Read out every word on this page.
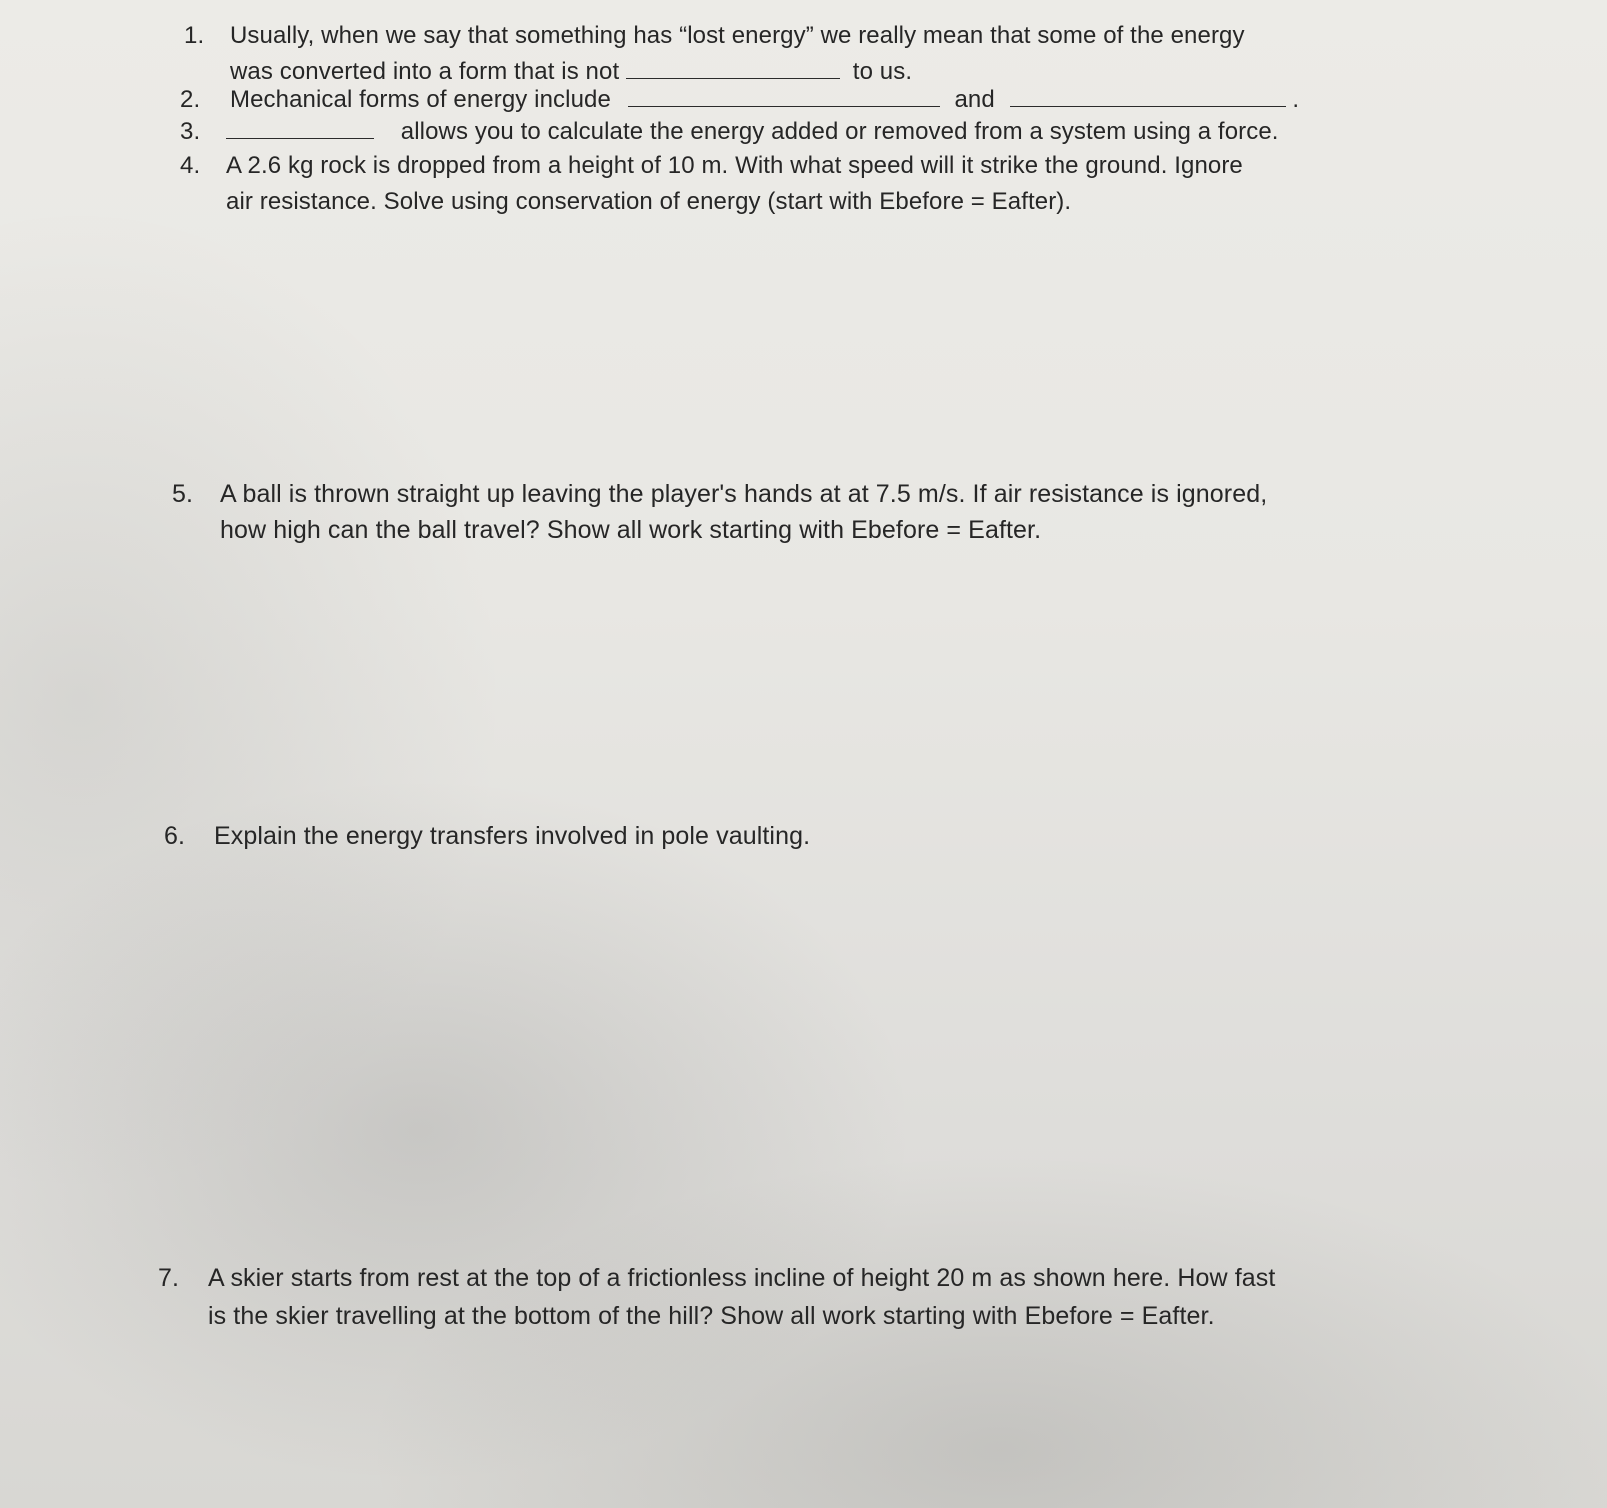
1. Usually, when we say that something has “lost energy” we really mean that some of the energy
was converted into a form that is not	to us.
2. Mechanical forms of energy include	and	.
3.	allows you to calculate the energy added or removed from a system using a force.
4. A 2.6 kg rock is dropped from a height of 10 m. With what speed will it strike the ground. Ignore
air resistance. Solve using conservation of energy (start with Ebefore = Eafter).
5. A ball is thrown straight up leaving the player's hands at at 7.5 m/s. If air resistance is ignored,
how high can the ball travel? Show all work starting with Ebefore = Eafter.
6. Explain the energy transfers involved in pole vaulting.
7. A skier starts from rest at the top of a frictionless incline of height 20 m as shown here. How fast
is the skier travelling at the bottom of the hill? Show all work starting with Ebefore = Eafter.
